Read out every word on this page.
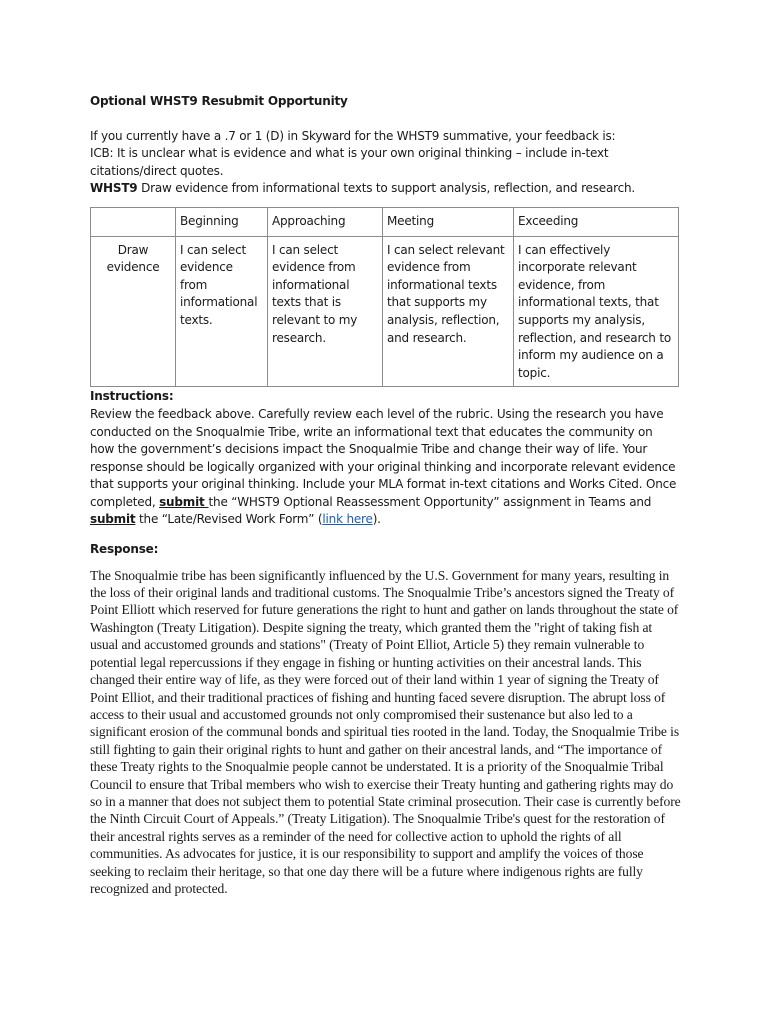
Optional WHST9 Resubmit Opportunity

If you currently have a .7 or 1 (D) in Skyward for the WHST9 summative, your feedback is:

ICB: It is unclear what is evidence and what is your own original thinking – include in-text citations/direct quotes.

WHST9 Draw evidence from informational texts to support analysis, reflection, and research.

	Beginning	Approaching	Meeting	Exceeding
Draw evidence	I can select evidence from informational texts.	I can select evidence from informational texts that is relevant to my research.	I can select relevant evidence from informational texts that supports my analysis, reflection, and research.	I can effectively incorporate relevant evidence, from informational texts, that supports my analysis, reflection, and research to inform my audience on a topic.

Instructions:

Review the feedback above. Carefully review each level of the rubric. Using the research you have conducted on the Snoqualmie Tribe, write an informational text that educates the community on how the government’s decisions impact the Snoqualmie Tribe and change their way of life. Your response should be logically organized with your original thinking and incorporate relevant evidence that supports your original thinking. Include your MLA format in-text citations and Works Cited. Once completed, submit the “WHST9 Optional Reassessment Opportunity” assignment in Teams and submit the “Late/Revised Work Form” (link here).

Response:

The Snoqualmie tribe has been significantly influenced by the U.S. Government for many years, resulting in the loss of their original lands and traditional customs. The Snoqualmie Tribe’s ancestors signed the Treaty of Point Elliott which reserved for future generations the right to hunt and gather on lands throughout the state of Washington (Treaty Litigation). Despite signing the treaty, which granted them the "right of taking fish at usual and accustomed grounds and stations" (Treaty of Point Elliot, Article 5) they remain vulnerable to potential legal repercussions if they engage in fishing or hunting activities on their ancestral lands. This changed their entire way of life, as they were forced out of their land within 1 year of signing the Treaty of Point Elliot, and their traditional practices of fishing and hunting faced severe disruption. The abrupt loss of access to their usual and accustomed grounds not only compromised their sustenance but also led to a significant erosion of the communal bonds and spiritual ties rooted in the land. Today, the Snoqualmie Tribe is still fighting to gain their original rights to hunt and gather on their ancestral lands, and “The importance of these Treaty rights to the Snoqualmie people cannot be understated. It is a priority of the Snoqualmie Tribal Council to ensure that Tribal members who wish to exercise their Treaty hunting and gathering rights may do so in a manner that does not subject them to potential State criminal prosecution. Their case is currently before the Ninth Circuit Court of Appeals.” (Treaty Litigation). The Snoqualmie Tribe's quest for the restoration of their ancestral rights serves as a reminder of the need for collective action to uphold the rights of all communities. As advocates for justice, it is our responsibility to support and amplify the voices of those seeking to reclaim their heritage, so that one day there will be a future where indigenous rights are fully recognized and protected.
